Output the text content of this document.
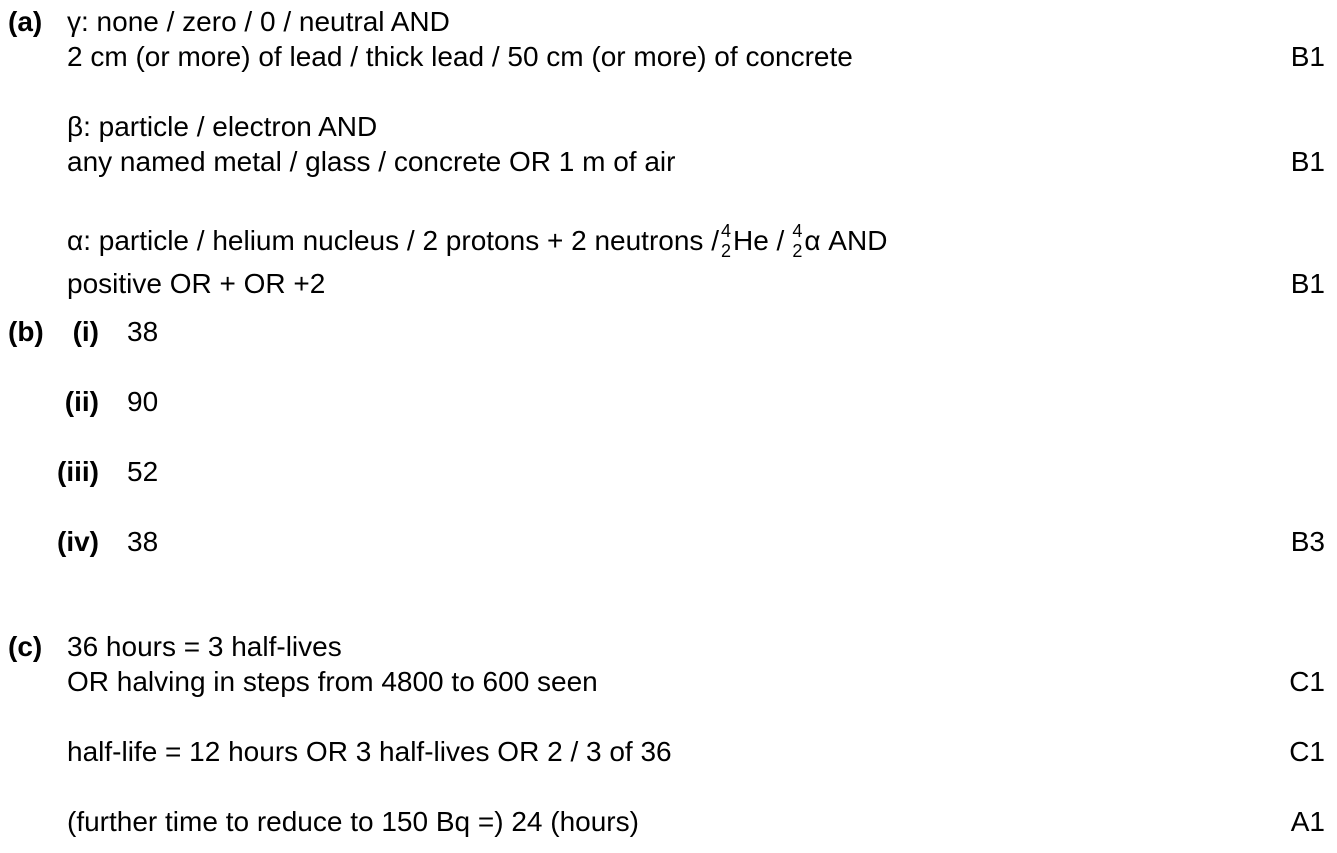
(a) γ: none / zero / 0 / neutral AND
2 cm (or more) of lead / thick lead / 50 cm (or more) of concrete	B1
β: particle / electron AND
any named metal / glass / concrete OR 1 m of air	B1
α: particle / helium nucleus / 2 protons + 2 neutrons / 4
2 He / 4
2 α AND
positive OR + OR +2	B1
(b) (i) 38
(ii) 90
(iii) 52
(iv) 38	B3
(c) 36 hours = 3 half-lives
OR halving in steps from 4800 to 600 seen	C1
half-life = 12 hours OR 3 half-lives OR 2 / 3 of 36	C1
(further time to reduce to 150 Bq =) 24 (hours)	A1
